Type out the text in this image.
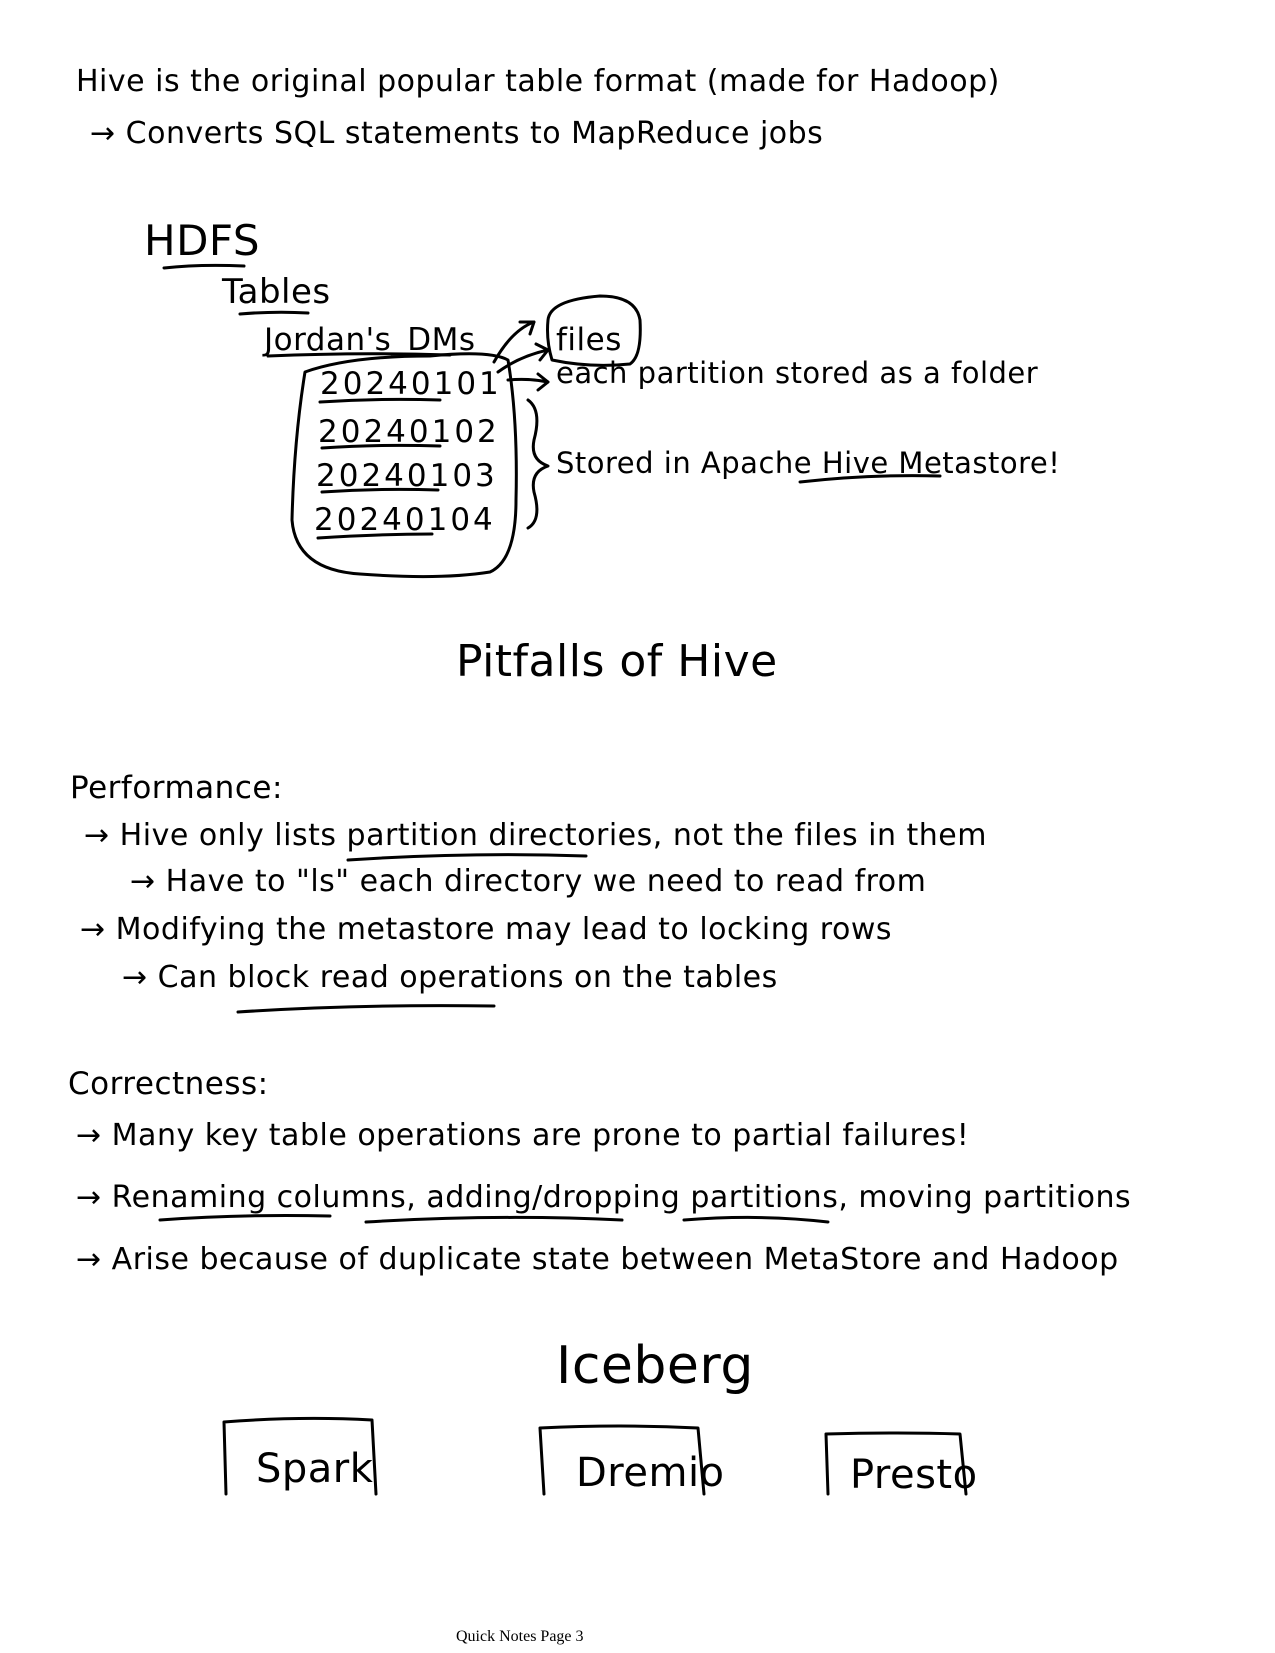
Hive is the original popular table format (made for Hadoop)
→ Converts SQL statements to MapReduce jobs
HDFS
Tables
Jordan's_DMs	files
20240101
20240102
20240103
20240104
each partition stored as a folder
Stored in Apache Hive Metastore!
Pitfalls of Hive
Performance:
→ Hive only lists partition directories, not the files in them
→ Have to "ls" each directory we need to read from
→ Modifying the metastore may lead to locking rows
→ Can block read operations on the tables
Correctness:
→ Many key table operations are prone to partial failures!
→ Renaming columns, adding/dropping partitions, moving partitions
→ Arise because of duplicate state between MetaStore and Hadoop
Iceberg
Spark	Dremio	Presto
Quick Notes Page 3
